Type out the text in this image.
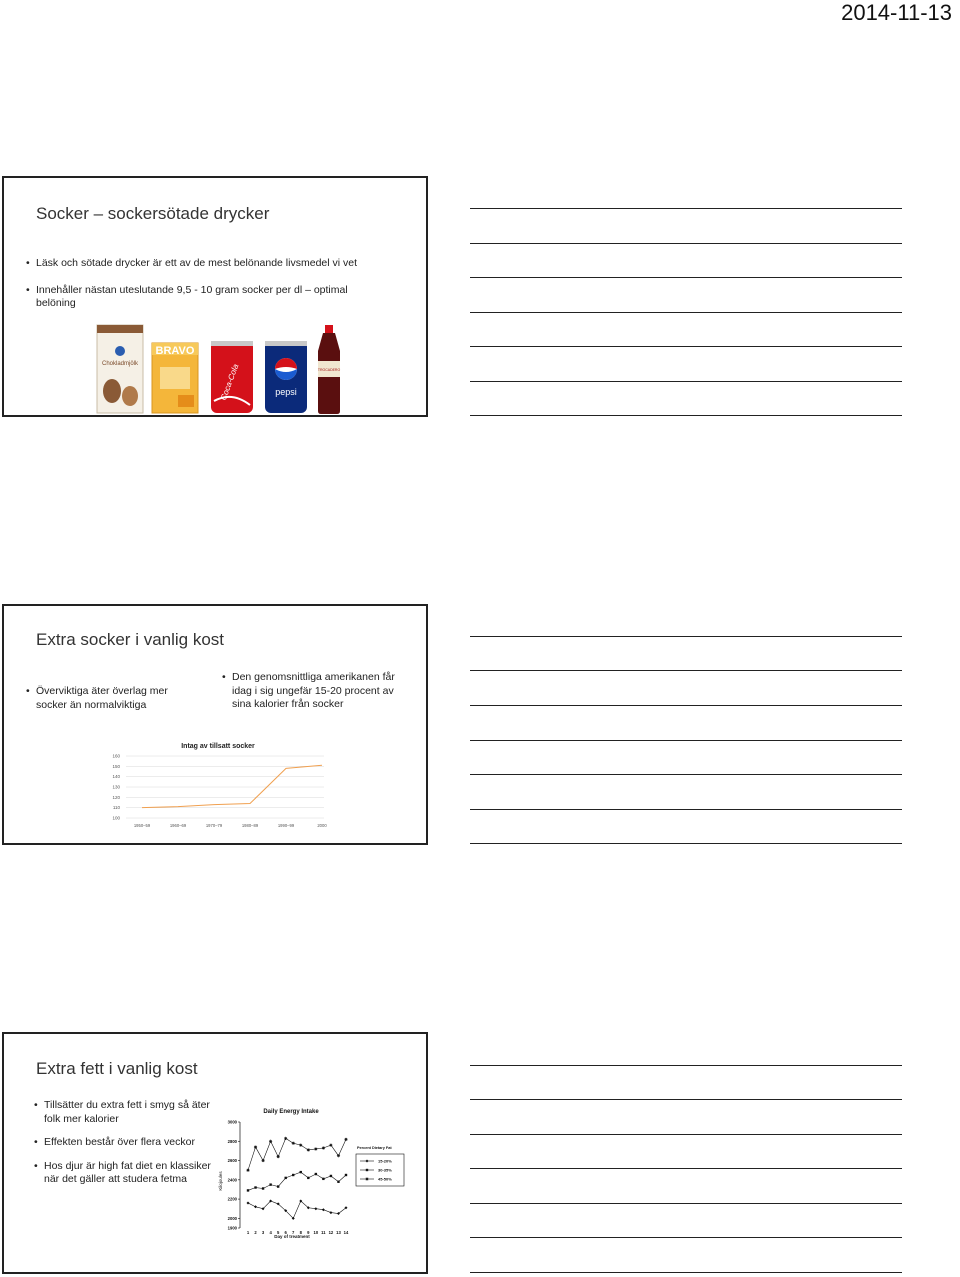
2014-11-13
Socker – sockersötade drycker
• Läsk och sötade drycker är ett av de mest belönande livsmedel vi vet
• Innehåller nästan uteslutande 9,5 - 10 gram socker per dl – optimal belöning
Chokladmjölk
BRAVO
Coca-Cola	pepsi
TROCADERO
Extra socker i vanlig kost
• Överviktiga äter överlag mer socker än normalviktiga
• Den genomsnittliga amerikanen får idag i sig ungefär 15-20 procent av sina kalorier från socker
Intag av tillsatt socker
100
110
120
130
140
150
160
1950–59	1960–69	1970–79	1980–89	1990–99	2000
Extra fett i vanlig kost
• Tillsätter du extra fett i smyg så äter folk mer kalorier
• Effekten består över flera veckor
• Hos djur är high fat diet en klassiker när det gäller att studera fetma
Daily Energy Intake
Kilojoules
Day of treatment
1900
2000
2200
2400
2600
2800
3000
1 2 3 4 5 6 7 8 9 10 11 12 13 14
Percent Dietary Fat
15-20%
30-35%
45-50%
